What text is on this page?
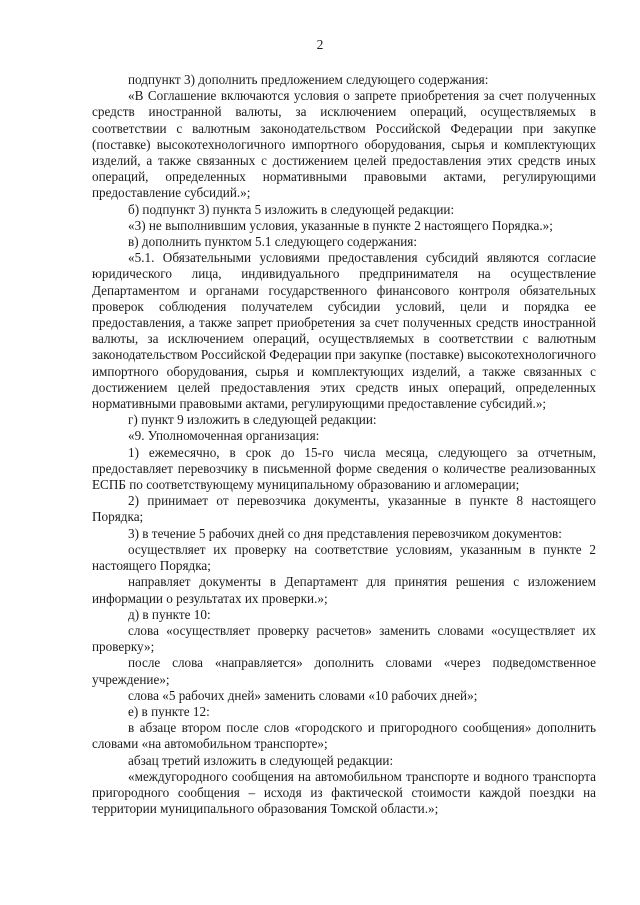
2

подпункт 3) дополнить предложением следующего содержания:

«В Соглашение включаются условия о запрете приобретения за счет полученных средств иностранной валюты, за исключением операций, осуществляемых в соответствии с валютным законодательством Российской Федерации при закупке (поставке) высокотехнологичного импортного оборудования, сырья и комплектующих изделий, а также связанных с достижением целей предоставления этих средств иных операций, определенных нормативными правовыми актами, регулирующими предоставление субсидий.»;

б) подпункт 3) пункта 5 изложить в следующей редакции:

«3) не выполнившим условия, указанные в пункте 2 настоящего Порядка.»;

в) дополнить пунктом 5.1 следующего содержания:

«5.1. Обязательными условиями предоставления субсидий являются согласие юридического лица, индивидуального предпринимателя на осуществление Департаментом и органами государственного финансового контроля обязательных проверок соблюдения получателем субсидии условий, цели и порядка ее предоставления, а также запрет приобретения за счет полученных средств иностранной валюты, за исключением операций, осуществляемых в соответствии с валютным законодательством Российской Федерации при закупке (поставке) высокотехнологичного импортного оборудования, сырья и комплектующих изделий, а также связанных с достижением целей предоставления этих средств иных операций, определенных нормативными правовыми актами, регулирующими предоставление субсидий.»;

г) пункт 9 изложить в следующей редакции:

«9. Уполномоченная организация:

1) ежемесячно, в срок до 15-го числа месяца, следующего за отчетным, предоставляет перевозчику в письменной форме сведения о количестве реализованных ЕСПБ по соответствующему муниципальному образованию и агломерации;

2) принимает от перевозчика документы, указанные в пункте 8 настоящего Порядка;

3) в течение 5 рабочих дней со дня представления перевозчиком документов:

осуществляет их проверку на соответствие условиям, указанным в пункте 2 настоящего Порядка;

направляет документы в Департамент для принятия решения с изложением информации о результатах их проверки.»;

д) в пункте 10:

слова «осуществляет проверку расчетов» заменить словами «осуществляет их проверку»;

после слова «направляется» дополнить словами «через подведомственное учреждение»;

слова «5 рабочих дней» заменить словами «10 рабочих дней»;

е) в пункте 12:

в абзаце втором после слов «городского и пригородного сообщения» дополнить словами «на автомобильном транспорте»;

абзац третий изложить в следующей редакции:

«междугородного сообщения на автомобильном транспорте и водного транспорта пригородного сообщения – исходя из фактической стоимости каждой поездки на территории муниципального образования Томской области.»;
